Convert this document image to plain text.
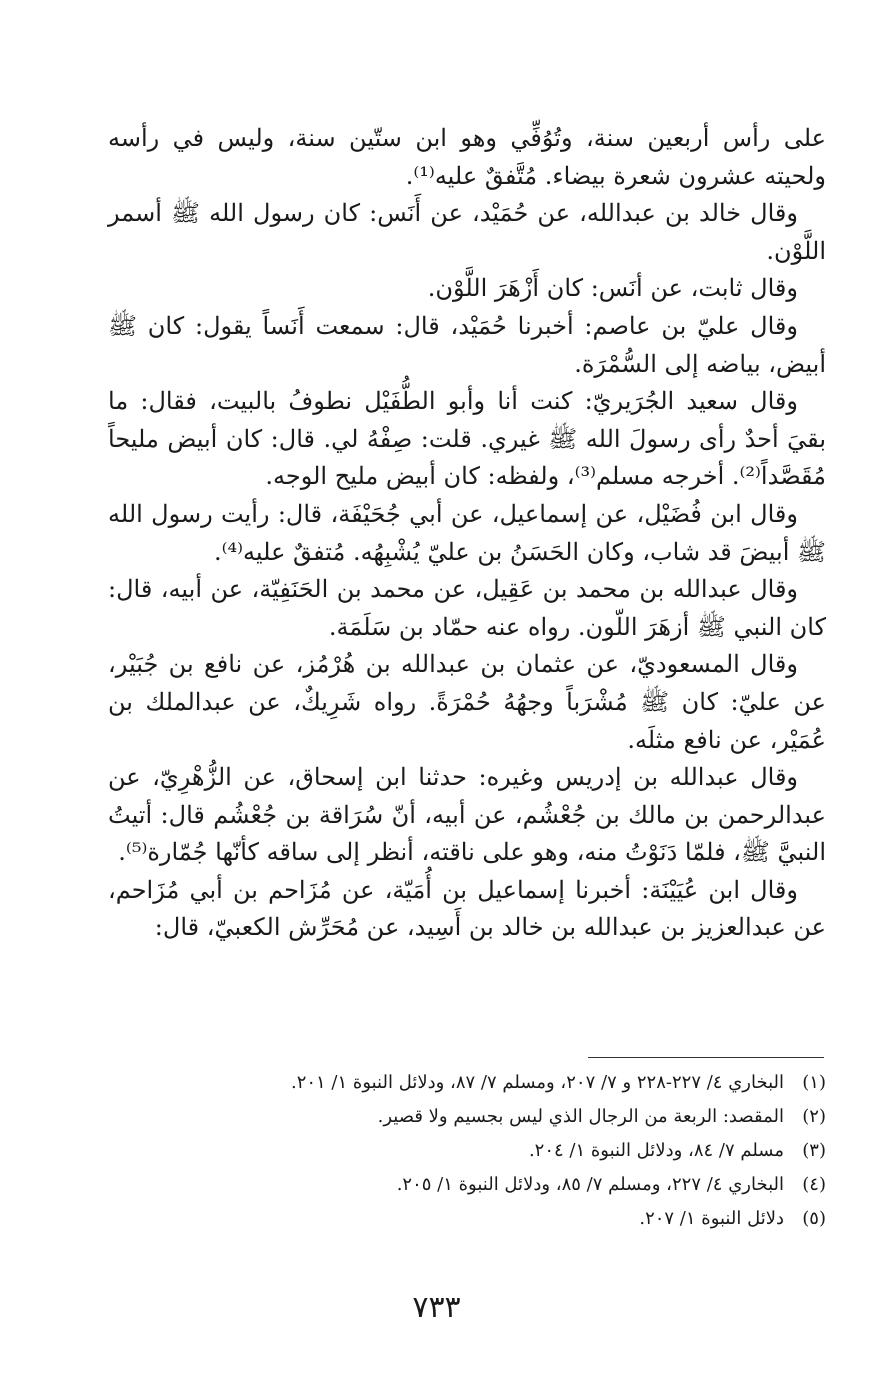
على رأس أربعين سنة، وتُوُفِّي وهو ابن ستّين سنة، وليس في رأسه ولحيته عشرون شعرة بيضاء. مُتَّفقٌ عليه⁽¹⁾.

وقال خالد بن عبدالله، عن حُمَيْد، عن أَنَس: كان رسول الله ﷺ أسمر اللَّوْن.

وقال ثابت، عن أنَس: كان أَزْهَرَ اللَّوْن.

وقال عليّ بن عاصم: أخبرنا حُمَيْد، قال: سمعت أَنَساً يقول: كان ﷺ أبيض، بياضه إلى السُّمْرَة.

وقال سعيد الجُرَيريّ: كنت أنا وأبو الطُّفَيْل نطوفُ بالبيت، فقال: ما بقيَ أحدٌ رأى رسولَ الله ﷺ غيري. قلت: صِفْهُ لي. قال: كان أبيض مليحاً مُقَصَّداً⁽²⁾. أخرجه مسلم⁽³⁾، ولفظه: كان أبيض مليح الوجه.

وقال ابن فُضَيْل، عن إسماعيل، عن أبي جُحَيْفَة، قال: رأيت رسول الله ﷺ أبيضَ قد شاب، وكان الحَسَنُ بن عليّ يُشْبِهُه. مُتفقٌ عليه⁽⁴⁾.

وقال عبدالله بن محمد بن عَقِيل، عن محمد بن الحَنَفِيّة، عن أبيه، قال: كان النبي ﷺ أزهَرَ اللّون. رواه عنه حمّاد بن سَلَمَة.

وقال المسعوديّ، عن عثمان بن عبدالله بن هُرْمُز، عن نافع بن جُبَيْر، عن عليّ: كان ﷺ مُشْرَباً وجهُهُ حُمْرَةً. رواه شَرِيكٌ، عن عبدالملك بن عُمَيْر، عن نافع مثلَه.

وقال عبدالله بن إدريس وغيره: حدثنا ابن إسحاق، عن الزُّهْرِيّ، عن عبدالرحمن بن مالك بن جُعْشُم، عن أبيه، أنّ سُرَاقة بن جُعْشُم قال: أتيتُ النبيَّ ﷺ، فلمّا دَنَوْتُ منه، وهو على ناقته، أنظر إلى ساقه كأنّها جُمّارة⁽⁵⁾.

وقال ابن عُيَيْنَة: أخبرنا إسماعيل بن أُمَيّة، عن مُزَاحم بن أبي مُزَاحم، عن عبدالعزيز بن عبدالله بن خالد بن أَسِيد، عن مُحَرِّش الكعبيّ، قال:

(١)البخاري ٤/ ٢٢٧-٢٢٨ و ٧/ ٢٠٧، ومسلم ٧/ ٨٧، ودلائل النبوة ١/ ٢٠١.
(٢)المقصد: الربعة من الرجال الذي ليس بجسيم ولا قصير.
(٣)مسلم ٧/ ٨٤، ودلائل النبوة ١/ ٢٠٤.
(٤)البخاري ٤/ ٢٢٧، ومسلم ٧/ ٨٥، ودلائل النبوة ١/ ٢٠٥.
(٥)دلائل النبوة ١/ ٢٠٧.
٧٣٣
